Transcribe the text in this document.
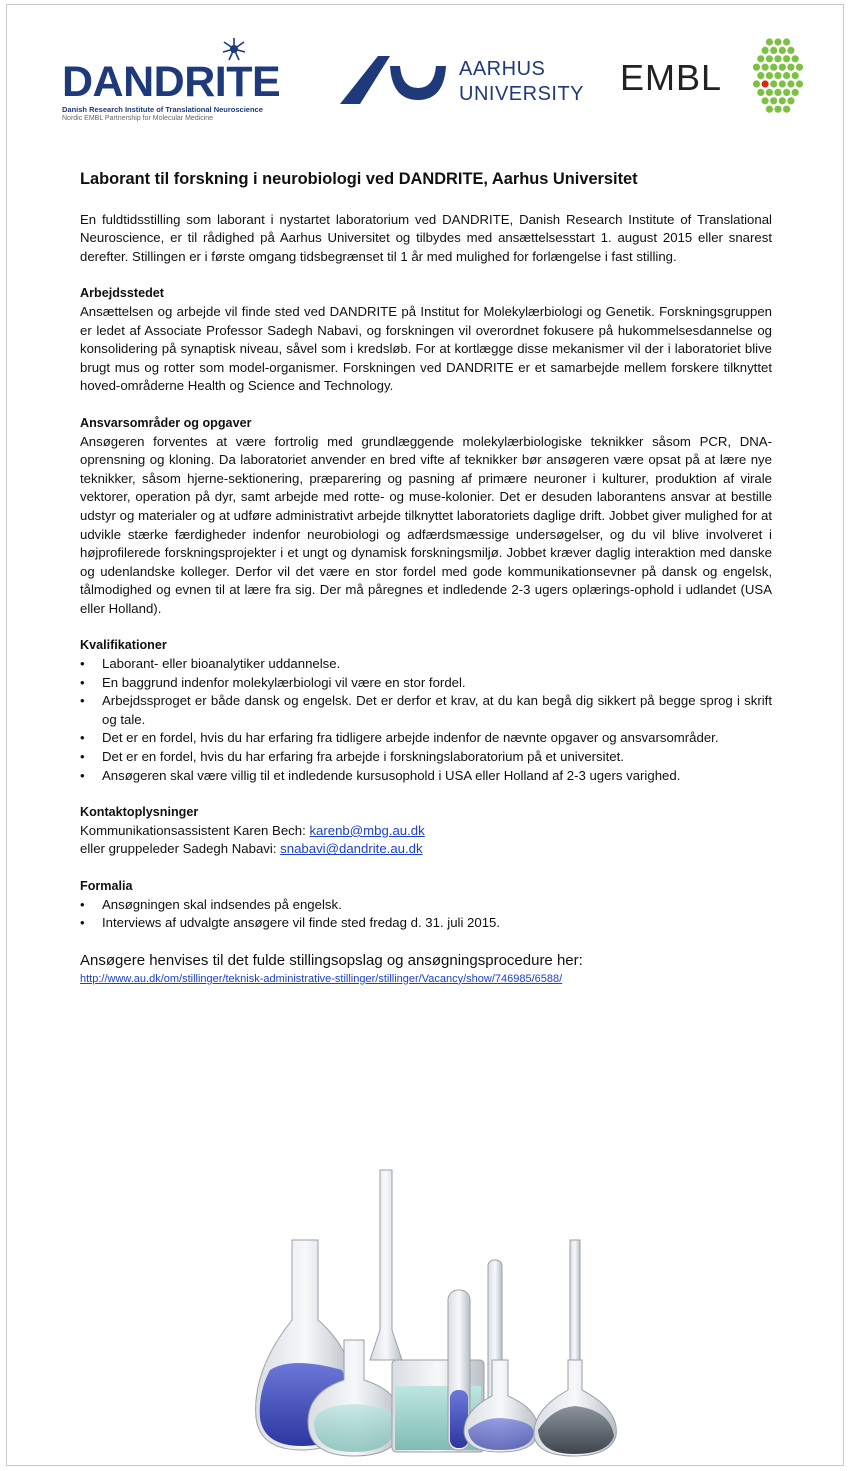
DANDRITE
Danish Research Institute of Translational Neuroscience
Nordic EMBL Partnership for Molecular Medicine
AARHUS
UNIVERSITY EMBL
Laborant til forskning i neurobiologi ved DANDRITE, Aarhus Universitet

En fuldtidsstilling som laborant i nystartet laboratorium ved DANDRITE, Danish Research Institute of Translational Neuroscience, er til rådighed på Aarhus Universitet og tilbydes med ansættelsesstart 1. august 2015 eller snarest derefter. Stillingen er i første omgang tidsbegrænset til 1 år med mulighed for forlængelse i fast stilling.

Arbejdsstedet

Ansættelsen og arbejde vil finde sted ved DANDRITE på Institut for Molekylærbiologi og Genetik. Forskningsgruppen er ledet af Associate Professor Sadegh Nabavi, og forskningen vil overordnet fokusere på hukommelsesdannelse og konsolidering på synaptisk niveau, såvel som i kredsløb. For at kortlægge disse mekanismer vil der i laboratoriet blive brugt mus og rotter som model-organismer. Forskningen ved DANDRITE er et samarbejde mellem forskere tilknyttet hoved-områderne Health og Science and Technology.

Ansvarsområder og opgaver

Ansøgeren forventes at være fortrolig med grundlæggende molekylærbiologiske teknikker såsom PCR, DNA-oprensning og kloning. Da laboratoriet anvender en bred vifte af teknikker bør ansøgeren være opsat på at lære nye teknikker, såsom hjerne-sektionering, præparering og pasning af primære neuroner i kulturer, produktion af virale vektorer, operation på dyr, samt arbejde med rotte- og muse-kolonier. Det er desuden laborantens ansvar at bestille udstyr og materialer og at udføre administrativt arbejde tilknyttet laboratoriets daglige drift. Jobbet giver mulighed for at udvikle stærke færdigheder indenfor neurobiologi og adfærdsmæssige undersøgelser, og du vil blive involveret i højprofilerede forskningsprojekter i et ungt og dynamisk forskningsmiljø. Jobbet kræver daglig interaktion med danske og udenlandske kolleger. Derfor vil det være en stor fordel med gode kommunikationsevner på dansk og engelsk, tålmodighed og evnen til at lære fra sig. Der må påregnes et indledende 2-3 ugers oplærings-ophold i udlandet (USA eller Holland).

Kvalifikationer

• Laborant- eller bioanalytiker uddannelse.
• En baggrund indenfor molekylærbiologi vil være en stor fordel.
• Arbejdssproget er både dansk og engelsk. Det er derfor et krav, at du kan begå dig sikkert på begge sprog i skrift og tale.
• Det er en fordel, hvis du har erfaring fra tidligere arbejde indenfor de nævnte opgaver og ansvarsområder.
• Det er en fordel, hvis du har erfaring fra arbejde i forskningslaboratorium på et universitet.
• Ansøgeren skal være villig til et indledende kursusophold i USA eller Holland af 2-3 ugers varighed.

Kontaktoplysninger

Kommunikationsassistent Karen Bech: karenb@mbg.au.dk

eller gruppeleder Sadegh Nabavi: snabavi@dandrite.au.dk

Formalia

• Ansøgningen skal indsendes på engelsk.
• Interviews af udvalgte ansøgere vil finde sted fredag d. 31. juli 2015.

Ansøgere henvises til det fulde stillingsopslag og ansøgningsprocedure her:

http://www.au.dk/om/stillinger/teknisk-administrative-stillinger/stillinger/Vacancy/show/746985/6588/
